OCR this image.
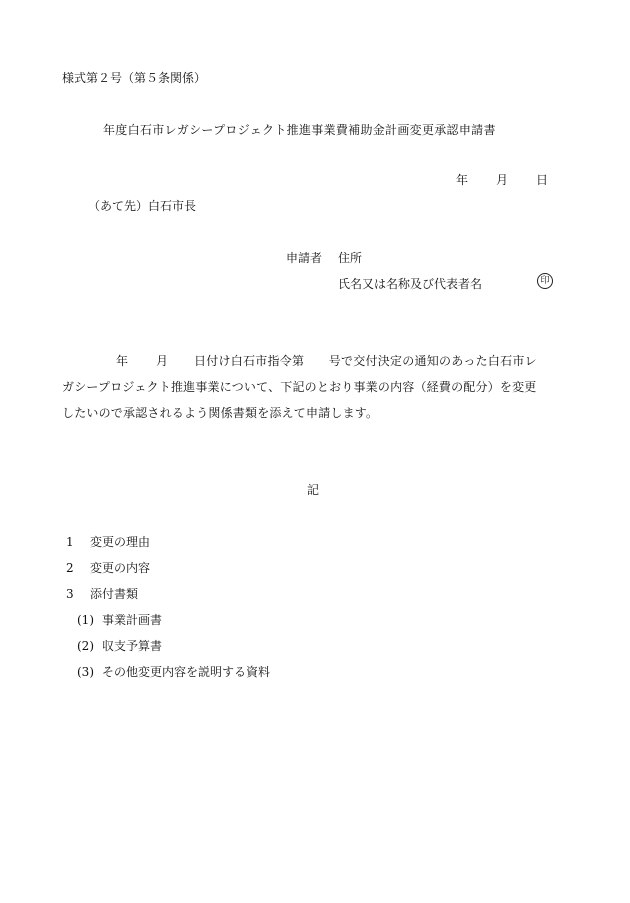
様式第２号（第５条関係）
年度白石市レガシープロジェクト推進事業費補助金計画変更承認申請書
年 月 日
（あて先）白石市長
申請者 住所
氏名又は名称及び代表者名	印
年 月 日付け白石市指令第　　号で交付決定の通知のあった白石市レ
ガシープロジェクト推進事業について、下記のとおり事業の内容（経費の配分）を変更
したいので承認されるよう関係書類を添えて申請します。
記
1 変更の理由
2 変更の内容
3 添付書類
(1) 事業計画書
(2) 収支予算書
(3) その他変更内容を説明する資料
